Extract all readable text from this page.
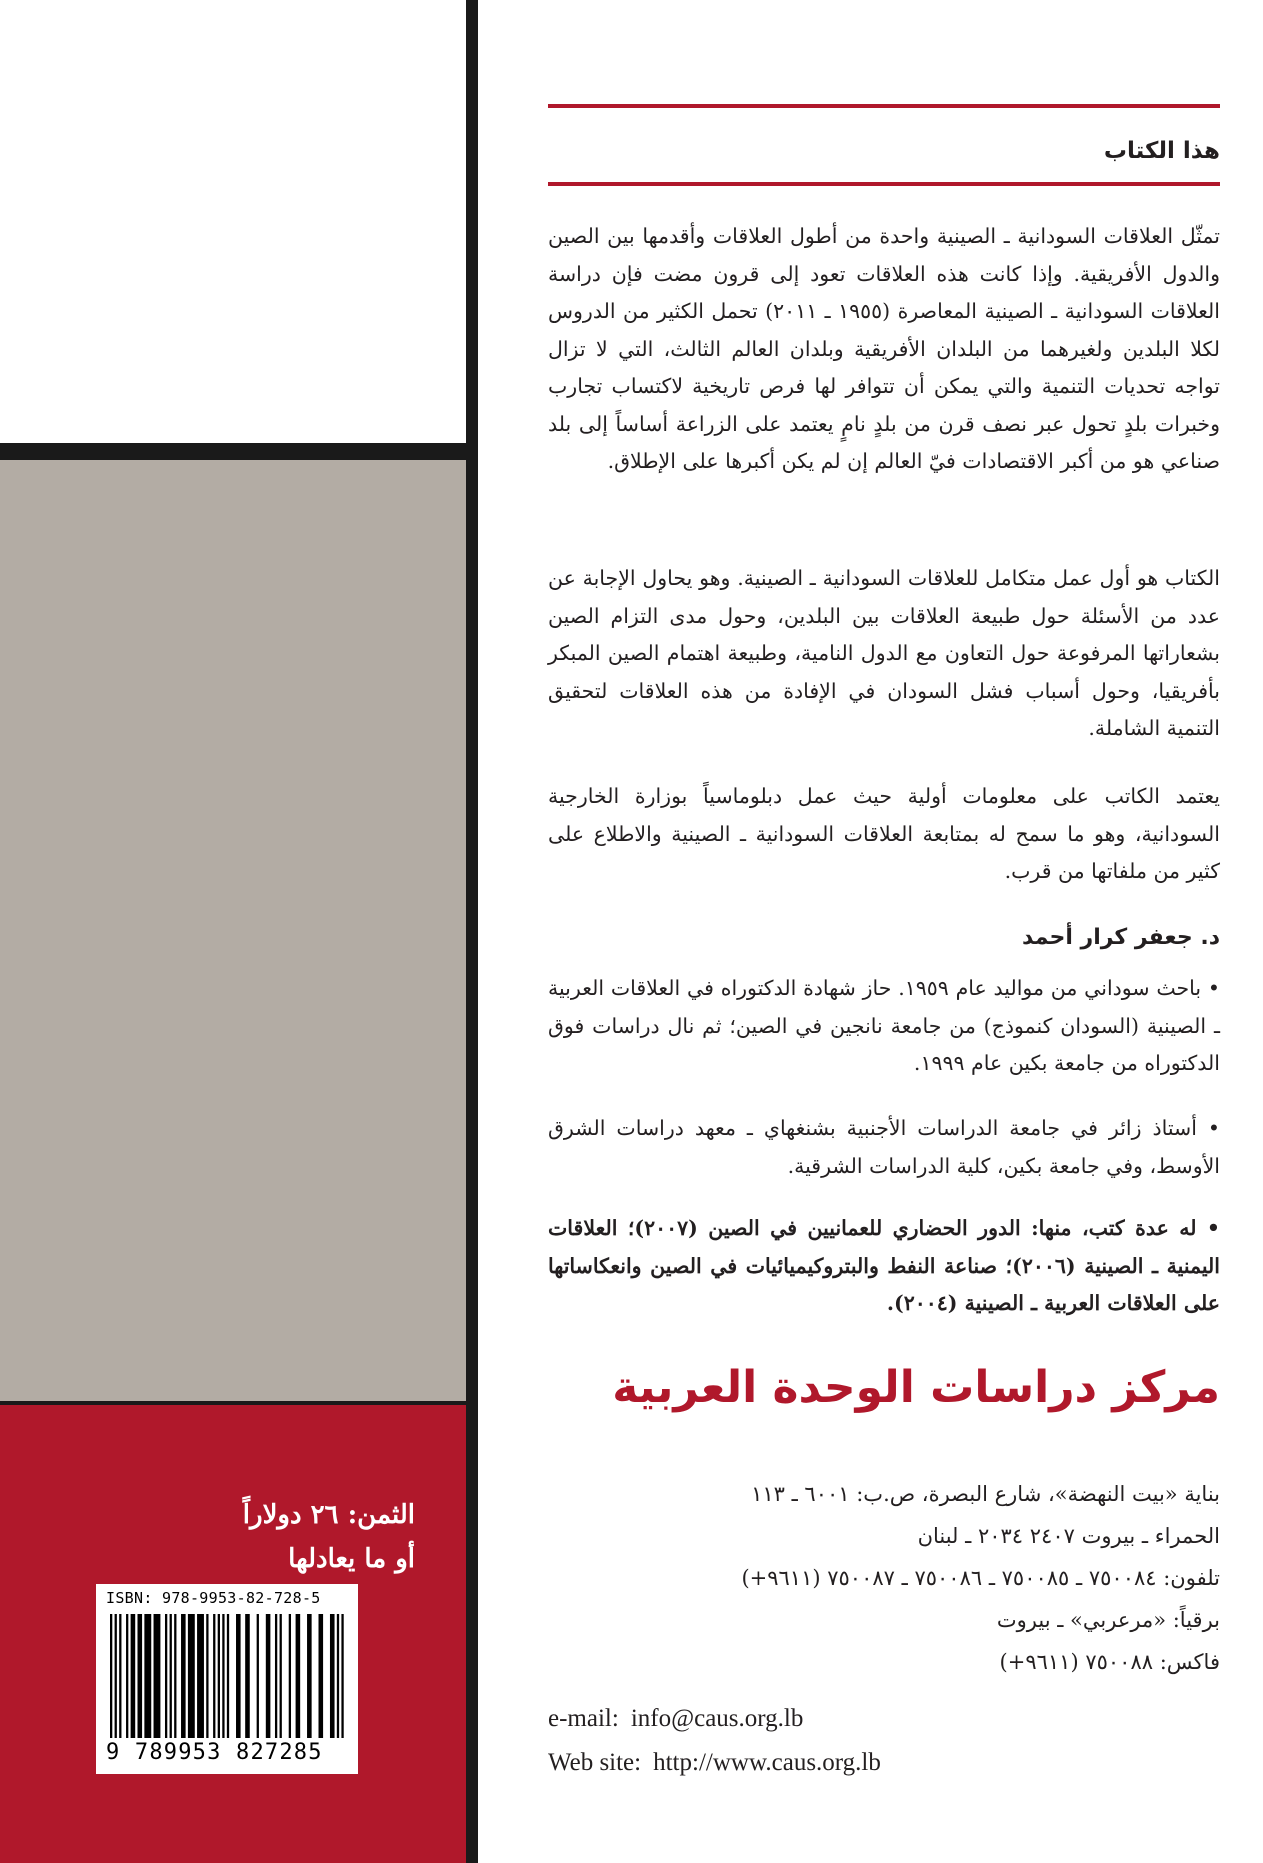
الثمن: ٢٦ دولاراً
أو ما يعادلها
ISBN: 978-9953-82-728-5
9 789953 827285
هذا الكتاب

تمثّل العلاقات السودانية ـ الصينية واحدة من أطول العلاقات وأقدمها بين الصين والدول الأفريقية. وإذا كانت هذه العلاقات تعود إلى قرون مضت فإن دراسة العلاقات السودانية ـ الصينية المعاصرة (١٩٥٥ ـ ٢٠١١) تحمل الكثير من الدروس لكلا البلدين ولغيرهما من البلدان الأفريقية وبلدان العالم الثالث، التي لا تزال تواجه تحديات التنمية والتي يمكن أن تتوافر لها فرص تاريخية لاكتساب تجارب وخبرات بلدٍ تحول عبر نصف قرن من بلدٍ نامٍ يعتمد على الزراعة أساساً إلى بلد صناعي هو من أكبر الاقتصادات فيّ العالم إن لم يكن أكبرها على الإطلاق.

الكتاب هو أول عمل متكامل للعلاقات السودانية ـ الصينية. وهو يحاول الإجابة عن عدد من الأسئلة حول طبيعة العلاقات بين البلدين، وحول مدى التزام الصين بشعاراتها المرفوعة حول التعاون مع الدول النامية، وطبيعة اهتمام الصين المبكر بأفريقيا، وحول أسباب فشل السودان في الإفادة من هذه العلاقات لتحقيق التنمية الشاملة.

يعتمد الكاتب على معلومات أولية حيث عمل دبلوماسياً بوزارة الخارجية السودانية، وهو ما سمح له بمتابعة العلاقات السودانية ـ الصينية والاطلاع على كثير من ملفاتها من قرب.

د. جعفر كرار أحمد

• باحث سوداني من مواليد عام ١٩٥٩. حاز شهادة الدكتوراه في العلاقات العربية ـ الصينية (السودان كنموذج) من جامعة نانجين في الصين؛ ثم نال دراسات فوق الدكتوراه من جامعة بكين عام ١٩٩٩.

• أستاذ زائر في جامعة الدراسات الأجنبية بشنغهاي ـ معهد دراسات الشرق الأوسط، وفي جامعة بكين، كلية الدراسات الشرقية.

• له عدة كتب، منها: الدور الحضاري للعمانيين في الصين (٢٠٠٧)؛ العلاقات اليمنية ـ الصينية (٢٠٠٦)؛ صناعة النفط والبتروكيميائيات في الصين وانعكاساتها على العلاقات العربية ـ الصينية (٢٠٠٤).

مركز دراسات الوحدة العربية
بناية «بيت النهضة»، شارع البصرة، ص.ب: ٦٠٠١ ـ ١١٣
الحمراء ـ بيروت ٢٤٠٧ ٢٠٣٤ ـ لبنان
تلفون: ٧٥٠٠٨٤ ـ ٧٥٠٠٨٥ ـ ٧٥٠٠٨٦ ـ ٧٥٠٠٨٧ (٩٦١١+)
برقياً: «مرعربي» ـ بيروت
فاكس: ٧٥٠٠٨٨ (٩٦١١+)
e-mail: info@caus.org.lb
Web site: http://www.caus.org.lb
